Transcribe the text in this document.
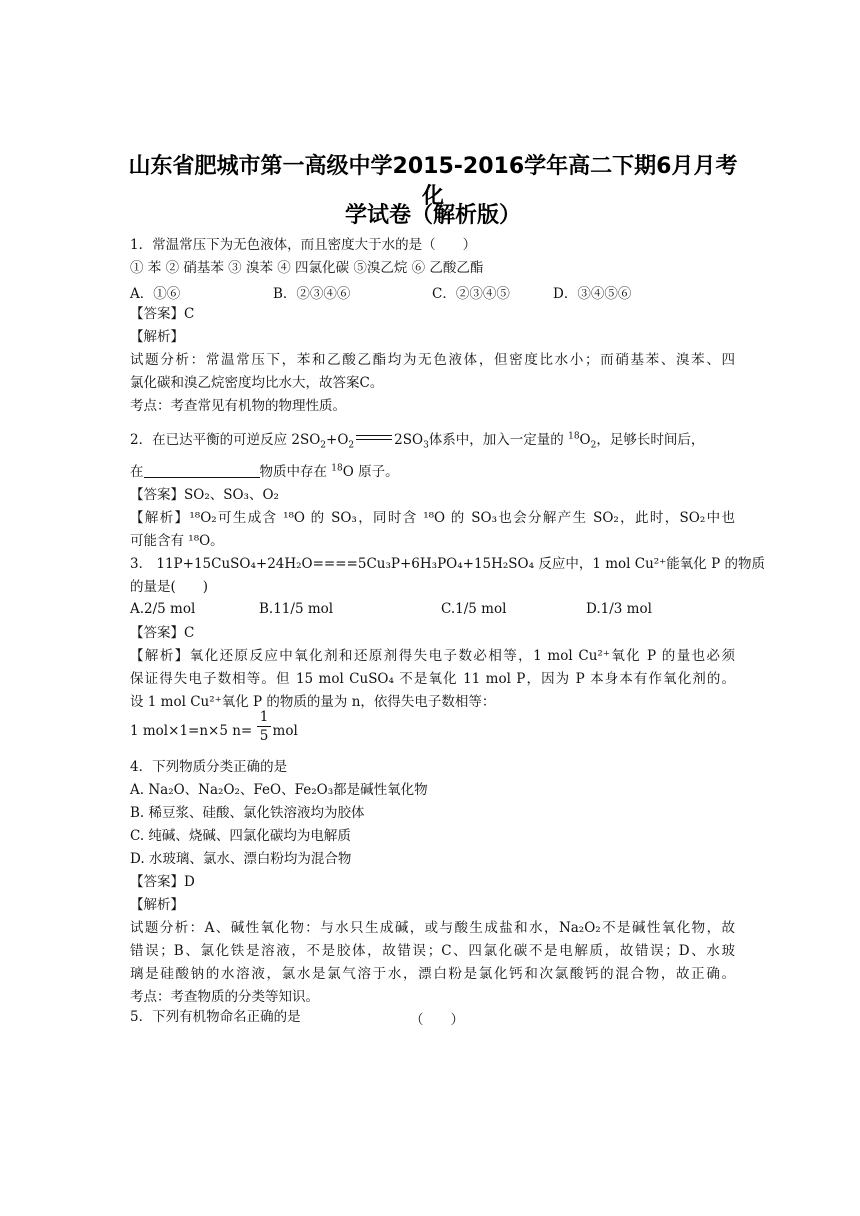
山东省肥城市第一高级中学2015-2016学年高二下期6月月考化
学试卷（解析版）
1．常温常压下为无色液体，而且密度大于水的是（　　）
① 苯 ② 硝基苯 ③ 溴苯 ④ 四氯化碳 ⑤溴乙烷 ⑥ 乙酸乙酯
A．①⑥	B．②③④⑥	C．②③④⑤	D．③④⑤⑥
【答案】C
【解析】
试题分析：常温常压下，苯和乙酸乙酯均为无色液体，但密度比水小；而硝基苯、溴苯、四
氯化碳和溴乙烷密度均比水大，故答案C。
考点：考查常见有机物的物理性质。
2．在已达平衡的可逆反应 $2SO_2+O_2$	$2SO_3$体系中，加入一定量的 $^{18}O_2$，足够长时间后，
在	物质中存在 $^{18}$O 原子。
【答案】SO₂、SO₃、O₂
【解析】¹⁸O₂可生成含 ¹⁸O 的 SO₃，同时含 ¹⁸O 的 SO₃也会分解产生 SO₂，此时，SO₂中也
可能含有 ¹⁸O。
3． 11P+15CuSO₄+24H₂O====5Cu₃P+6H₃PO₄+15H₂SO₄ 反应中，1 mol Cu²⁺能氧化 P 的物质
的量是(　　)
A.2/5 mol	B.11/5 mol	C.1/5 mol	D.1/3 mol
【答案】C
【解析】氧化还原反应中氧化剂和还原剂得失电子数必相等，1 mol Cu²⁺氧化 P 的量也必须
保证得失电子数相等。但 15 mol CuSO₄ 不是氧化 11 mol P，因为 P 本身本有作氧化剂的。
设 1 mol Cu²⁺氧化 P 的物质的量为 n，依得失电子数相等：
1 mol×1=n×5 n= mol
1
5
4．下列物质分类正确的是
A. Na₂O、Na₂O₂、FeO、Fe₂O₃都是碱性氧化物
B. 稀豆浆、硅酸、氯化铁溶液均为胶体
C. 纯碱、烧碱、四氯化碳均为电解质
D. 水玻璃、氯水、漂白粉均为混合物
【答案】D
【解析】
试题分析：A、碱性氧化物：与水只生成碱，或与酸生成盐和水，Na₂O₂不是碱性氧化物，故
错误；B、氯化铁是溶液，不是胶体，故错误；C、四氯化碳不是电解质，故错误；D、水玻
璃是硅酸钠的水溶液，氯水是氯气溶于水，漂白粉是氯化钙和次氯酸钙的混合物，故正确。
考点：考查物质的分类等知识。
5．下列有机物命名正确的是	（　　）
